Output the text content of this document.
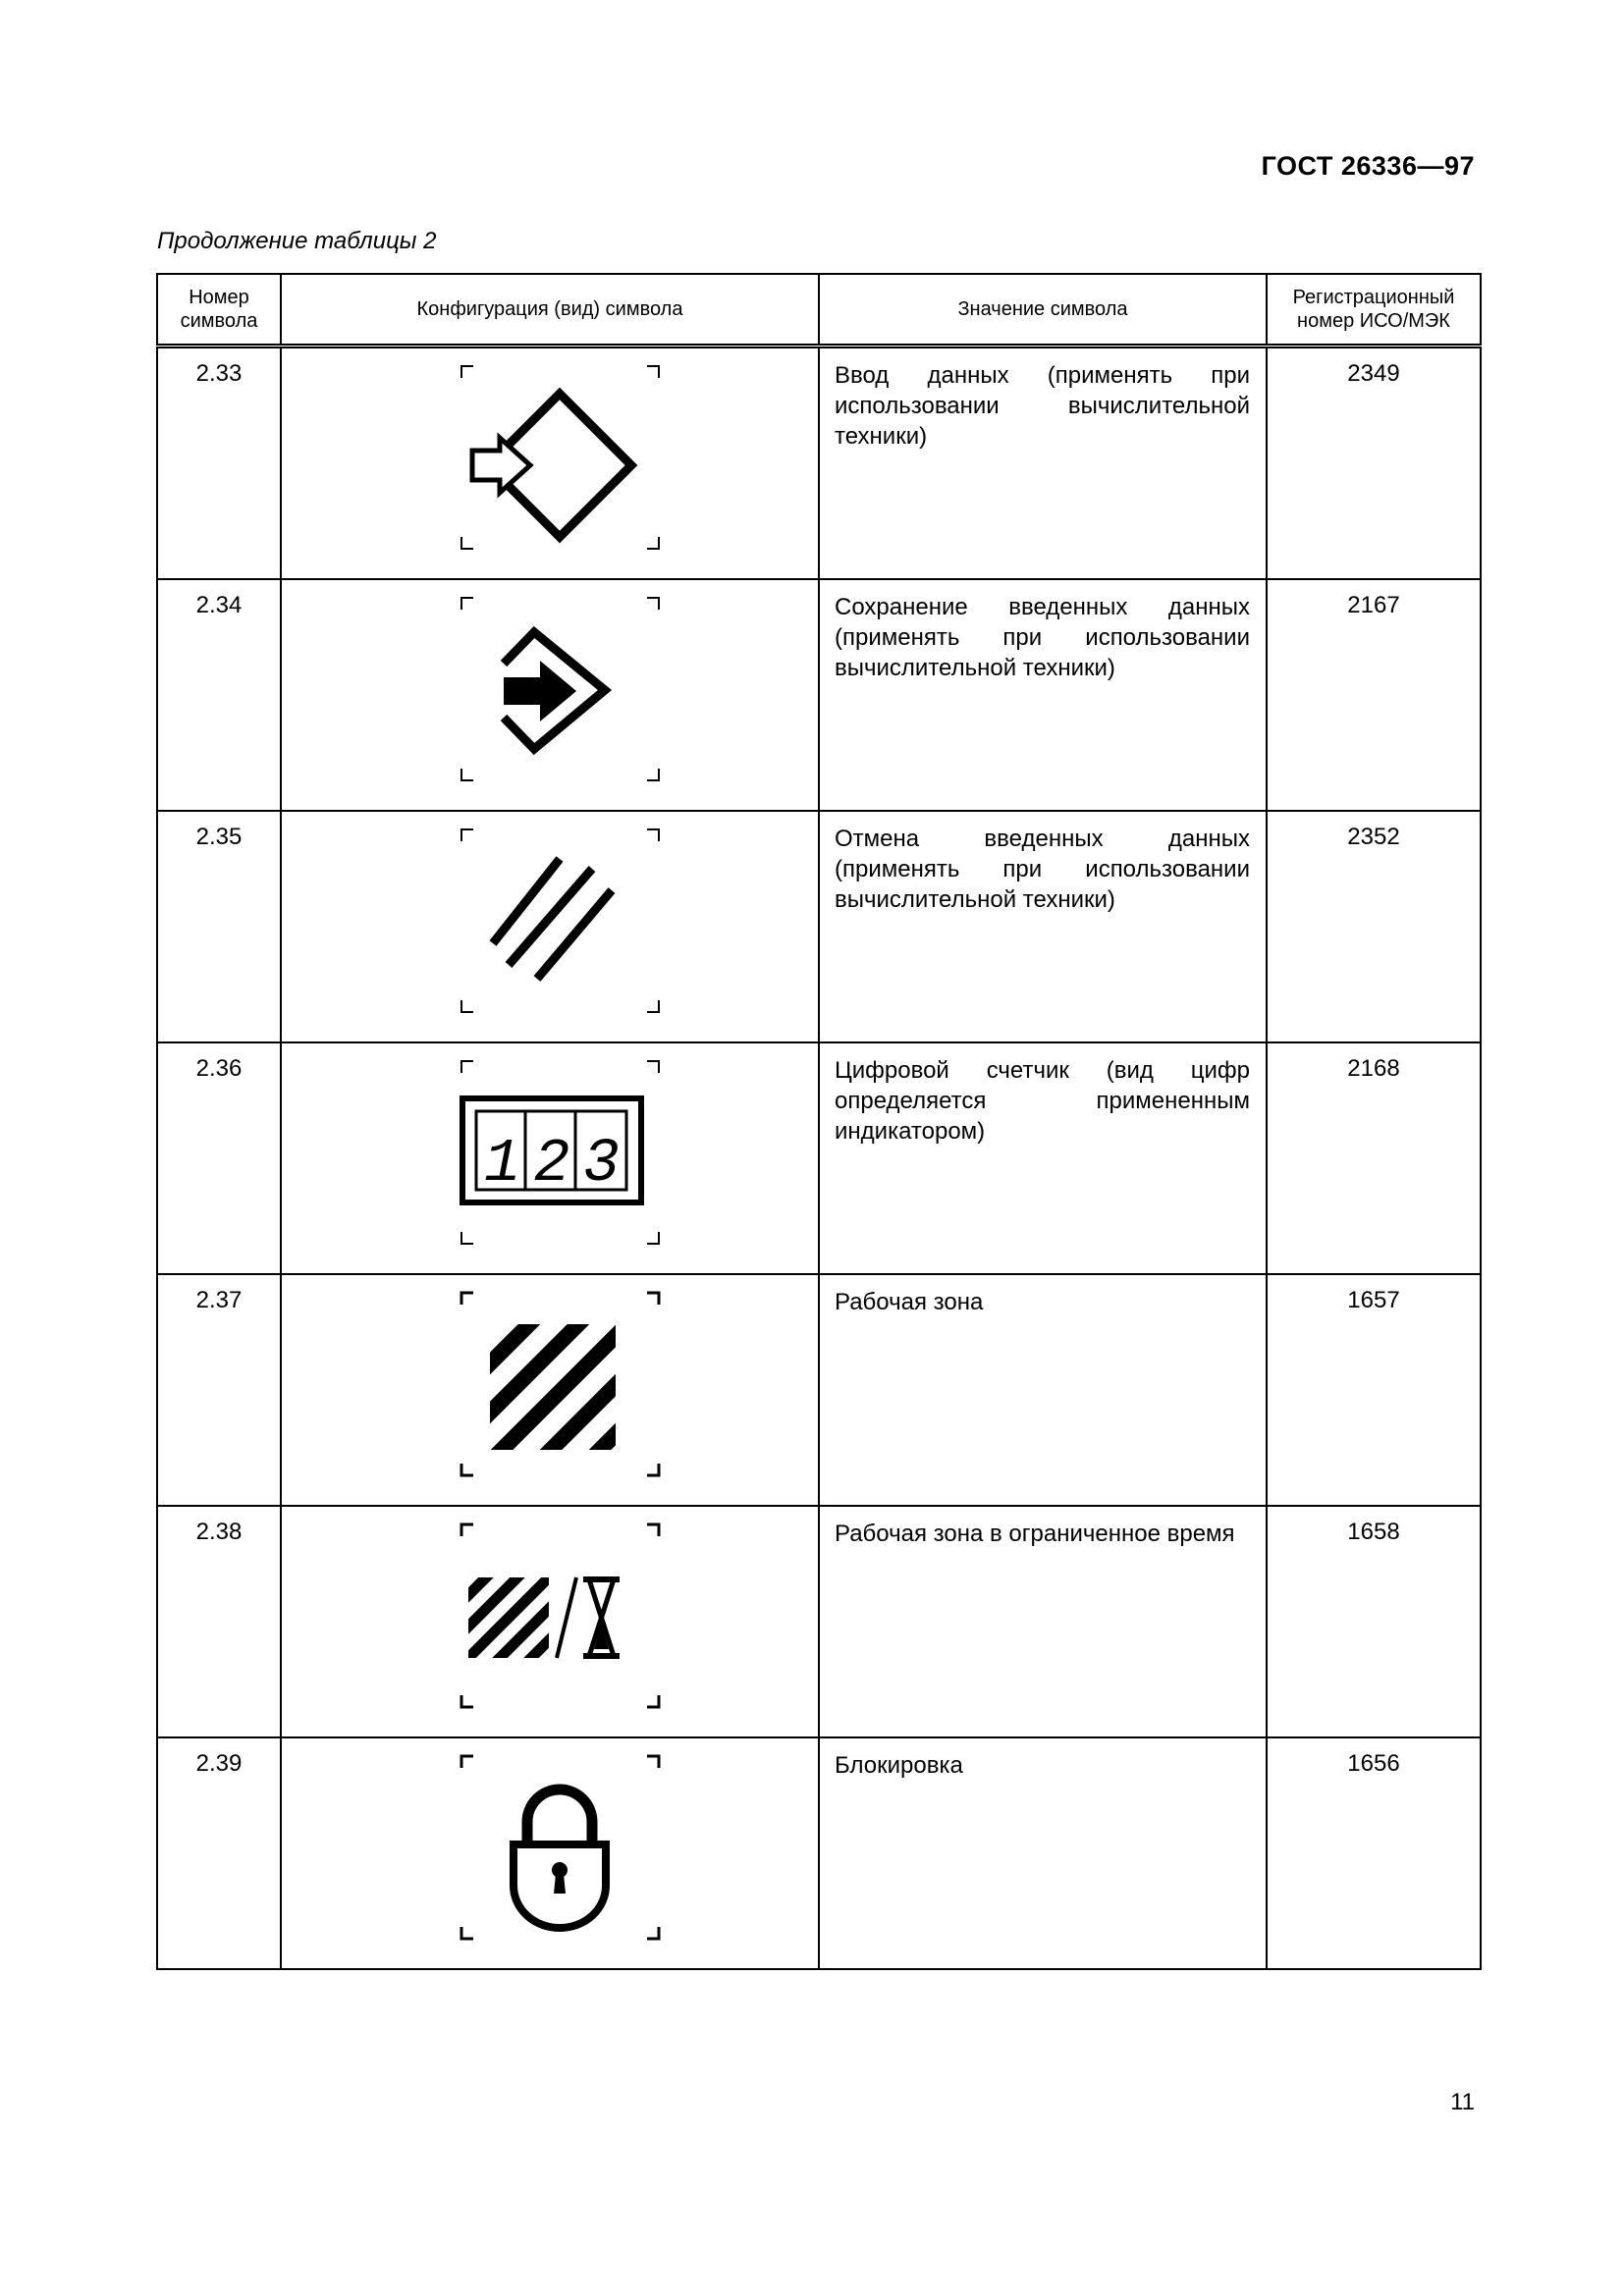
ГОСТ 26336—97
Продолжение таблицы 2
Номер символа	Конфигурация (вид) символа	Значение символа	Регистрационный номер ИСО/МЭК
2.33		Ввод данных (применять при использовании вычислительной техники)	2349
2.34		Сохранение введенных данных (применять при использовании вычислительной техники)	2167
2.35		Отмена введенных данных (применять при использовании вычислительной техники)	2352
2.36	123	Цифровой счетчик (вид цифр определяется примененным индикатором)	2168
2.37		Рабочая зона	1657
2.38		Рабочая зона в ограниченное время	1658
2.39		Блокировка	1656
11
